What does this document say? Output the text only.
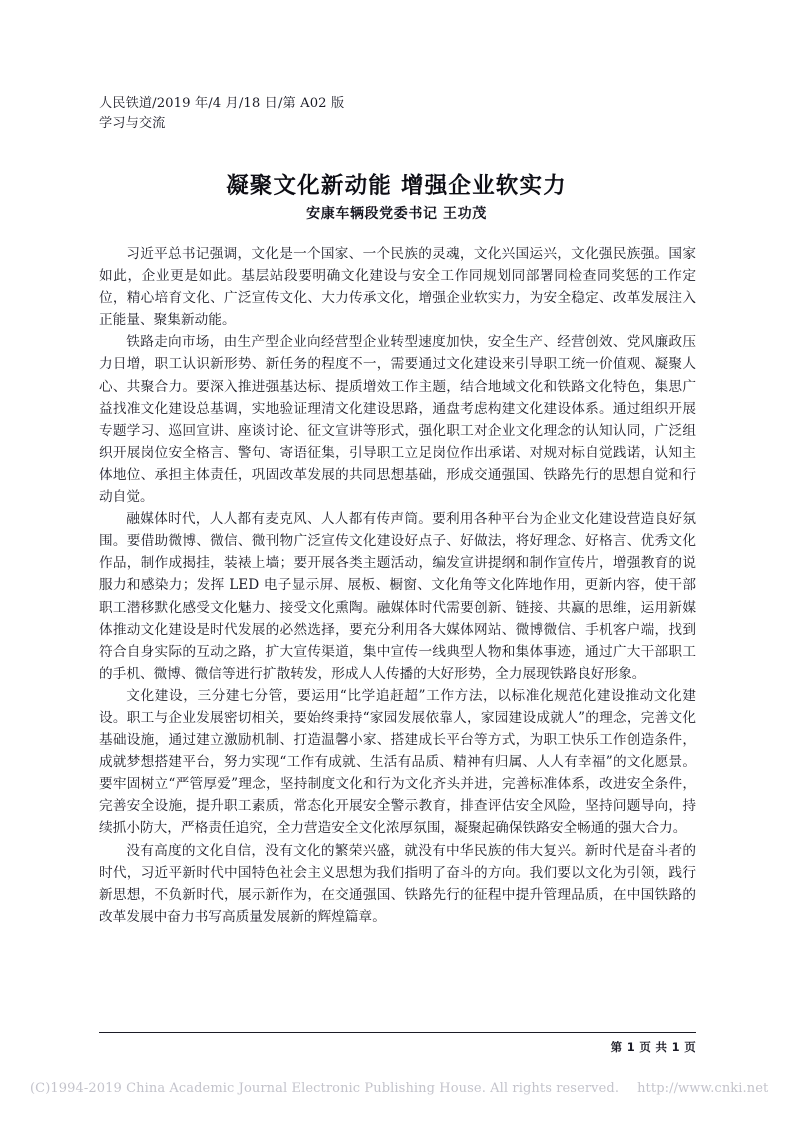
人民铁道/2019 年/4 月/18 日/第 A02 版
学习与交流
凝聚文化新动能 增强企业软实力
安康车辆段党委书记 王功茂

习近平总书记强调，文化是一个国家、一个民族的灵魂，文化兴国运兴，文化强民族强。国家如此，企业更是如此。基层站段要明确文化建设与安全工作同规划同部署同检查同奖惩的工作定位，精心培育文化、广泛宣传文化、大力传承文化，增强企业软实力，为安全稳定、改革发展注入正能量、聚集新动能。

铁路走向市场，由生产型企业向经营型企业转型速度加快，安全生产、经营创效、党风廉政压力日增，职工认识新形势、新任务的程度不一，需要通过文化建设来引导职工统一价值观、凝聚人心、共聚合力。要深入推进强基达标、提质增效工作主题，结合地域文化和铁路文化特色，集思广益找准文化建设总基调，实地验证理清文化建设思路，通盘考虑构建文化建设体系。通过组织开展专题学习、巡回宣讲、座谈讨论、征文宣讲等形式，强化职工对企业文化理念的认知认同，广泛组织开展岗位安全格言、警句、寄语征集，引导职工立足岗位作出承诺、对规对标自觉践诺，认知主体地位、承担主体责任，巩固改革发展的共同思想基础，形成交通强国、铁路先行的思想自觉和行动自觉。

融媒体时代，人人都有麦克风、人人都有传声筒。要利用各种平台为企业文化建设营造良好氛围。要借助微博、微信、微刊物广泛宣传文化建设好点子、好做法，将好理念、好格言、优秀文化作品，制作成揭挂，装裱上墙；要开展各类主题活动，编发宣讲提纲和制作宣传片，增强教育的说服力和感染力；发挥 LED 电子显示屏、展板、橱窗、文化角等文化阵地作用，更新内容，使干部职工潜移默化感受文化魅力、接受文化熏陶。融媒体时代需要创新、链接、共赢的思维，运用新媒体推动文化建设是时代发展的必然选择，要充分利用各大媒体网站、微博微信、手机客户端，找到符合自身实际的互动之路，扩大宣传渠道，集中宣传一线典型人物和集体事迹，通过广大干部职工的手机、微博、微信等进行扩散转发，形成人人传播的大好形势，全力展现铁路良好形象。

文化建设，三分建七分管，要运用“比学追赶超”工作方法，以标准化规范化建设推动文化建设。职工与企业发展密切相关，要始终秉持“家园发展依靠人，家园建设成就人”的理念，完善文化基础设施，通过建立激励机制、打造温馨小家、搭建成长平台等方式，为职工快乐工作创造条件，成就梦想搭建平台，努力实现“工作有成就、生活有品质、精神有归属、人人有幸福”的文化愿景。要牢固树立“严管厚爱”理念，坚持制度文化和行为文化齐头并进，完善标准体系，改进安全条件，完善安全设施，提升职工素质，常态化开展安全警示教育，排查评估安全风险，坚持问题导向，持续抓小防大，严格责任追究，全力营造安全文化浓厚氛围，凝聚起确保铁路安全畅通的强大合力。

没有高度的文化自信，没有文化的繁荣兴盛，就没有中华民族的伟大复兴。新时代是奋斗者的时代，习近平新时代中国特色社会主义思想为我们指明了奋斗的方向。我们要以文化为引领，践行新思想，不负新时代，展示新作为，在交通强国、铁路先行的征程中提升管理品质，在中国铁路的改革发展中奋力书写高质量发展新的辉煌篇章。

第 1 页 共 1 页
(C)1994-2019 China Academic Journal Electronic Publishing House. All rights reserved. http://www.cnki.net
